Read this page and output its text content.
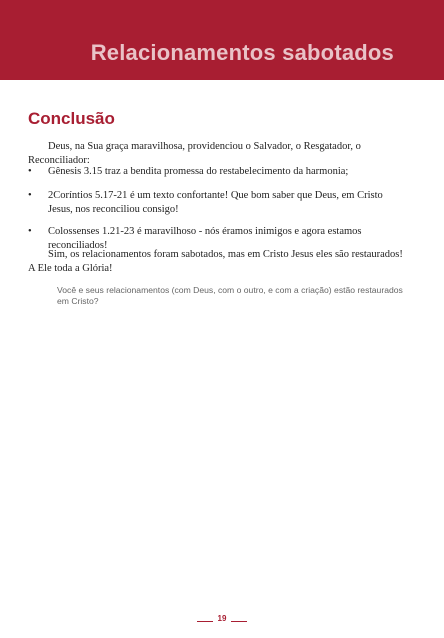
Relacionamentos sabotados
Conclusão
Deus, na Sua graça maravilhosa, providenciou o Salvador, o Resgatador, o Reconciliador:
• Gênesis 3.15 traz a bendita promessa do restabelecimento da harmonia;
• 2Coríntios 5.17-21 é um texto confortante! Que bom saber que Deus, em Cristo Jesus, nos reconciliou consigo!
• Colossenses 1.21-23 é maravilhoso - nós éramos inimigos e agora estamos reconciliados!
Sim, os relacionamentos foram sabotados, mas em Cristo Jesus eles são restaurados! A Ele toda a Glória!
Você e seus relacionamentos (com Deus, com o outro, e com a criação) estão restaurados em Cristo?
19
